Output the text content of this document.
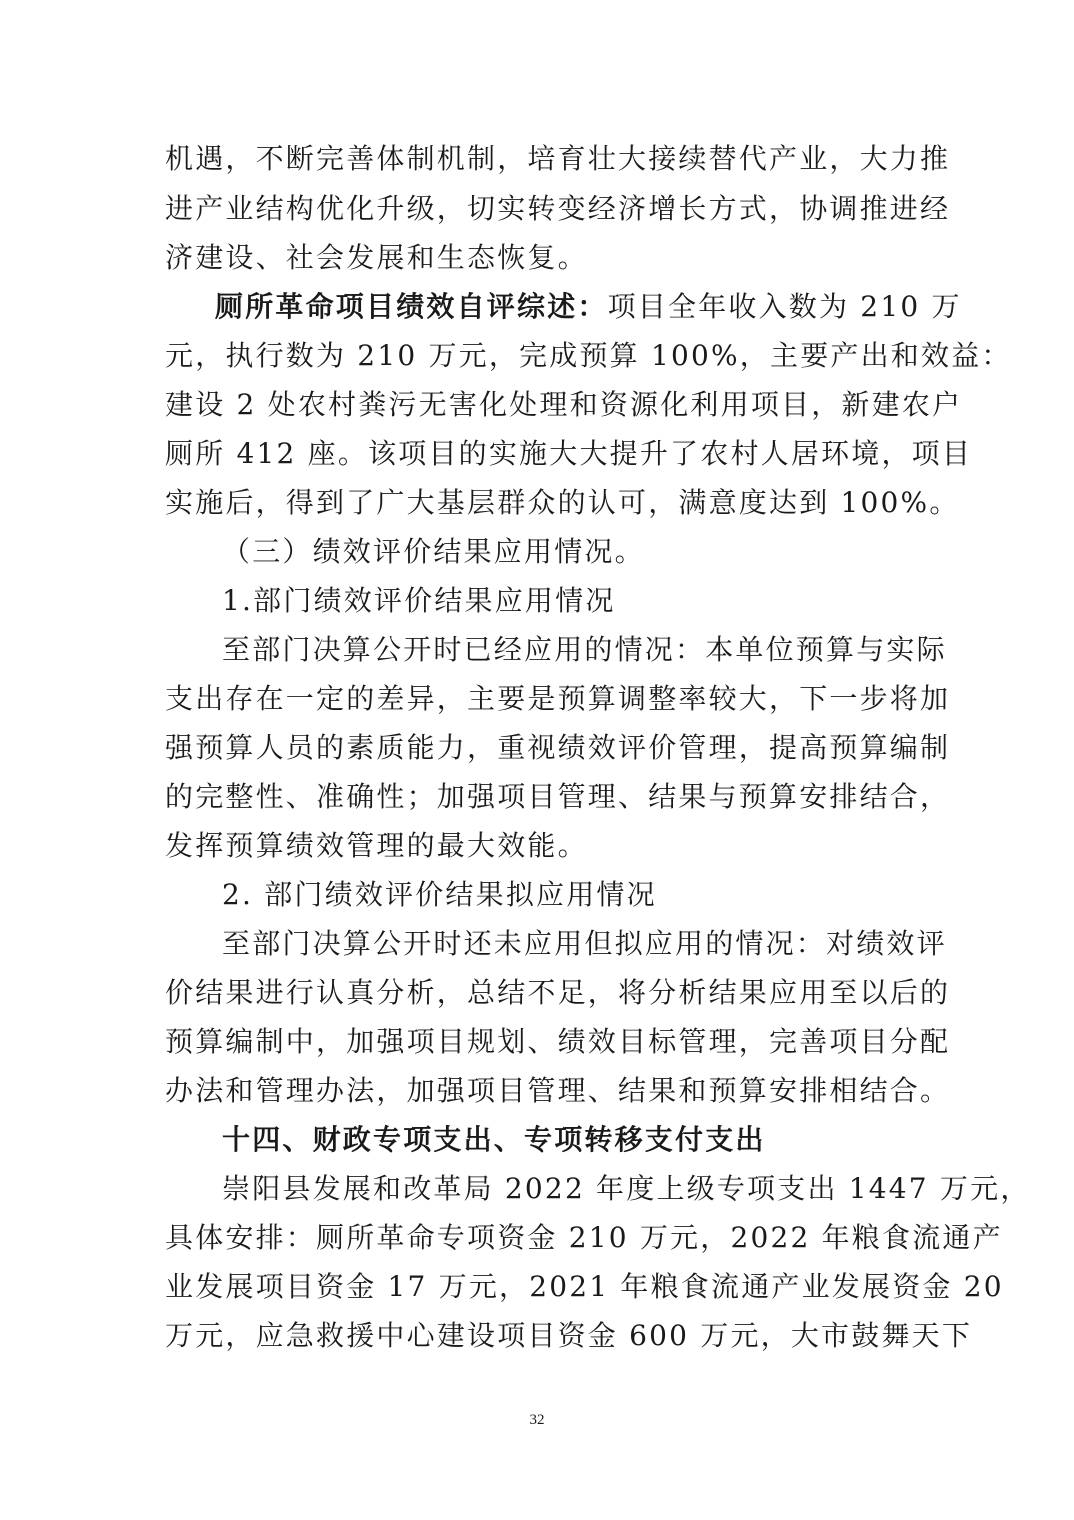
机遇，不断完善体制机制，培育壮大接续替代产业，大力推
进产业结构优化升级，切实转变经济增长方式，协调推进经
济建设、社会发展和生态恢复。
厕所革命项目绩效自评综述：项目全年收入数为 210 万
元，执行数为 210 万元，完成预算 100%，主要产出和效益：
建设 2 处农村粪污无害化处理和资源化利用项目，新建农户
厕所 412 座。该项目的实施大大提升了农村人居环境，项目
实施后，得到了广大基层群众的认可，满意度达到 100%。
（三）绩效评价结果应用情况。
1.部门绩效评价结果应用情况
至部门决算公开时已经应用的情况：本单位预算与实际
支出存在一定的差异，主要是预算调整率较大，下一步将加
强预算人员的素质能力，重视绩效评价管理，提高预算编制
的完整性、准确性；加强项目管理、结果与预算安排结合，
发挥预算绩效管理的最大效能。
2. 部门绩效评价结果拟应用情况
至部门决算公开时还未应用但拟应用的情况：对绩效评
价结果进行认真分析，总结不足，将分析结果应用至以后的
预算编制中，加强项目规划、绩效目标管理，完善项目分配
办法和管理办法，加强项目管理、结果和预算安排相结合。
十四、财政专项支出、专项转移支付支出
崇阳县发展和改革局 2022 年度上级专项支出 1447 万元，
具体安排：厕所革命专项资金 210 万元，2022 年粮食流通产
业发展项目资金 17 万元，2021 年粮食流通产业发展资金 20
万元，应急救援中心建设项目资金 600 万元，大市鼓舞天下
32
